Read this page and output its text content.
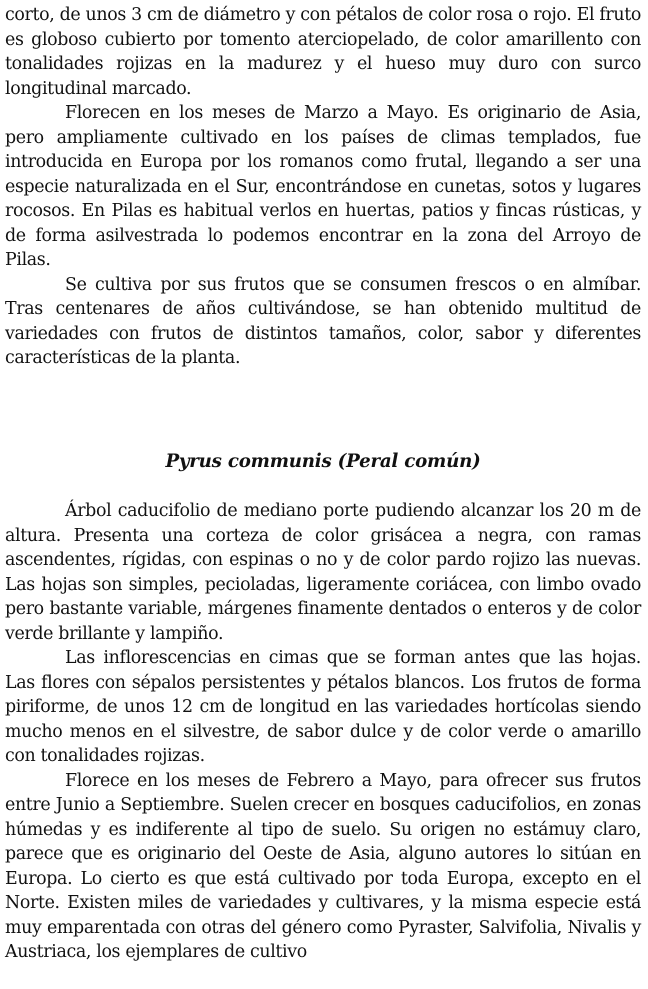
corto, de unos 3 cm de diámetro y con pétalos de color rosa o rojo. El fruto es globoso cubierto por tomento aterciopelado, de color amarillento con tonalidades rojizas en la madurez y el hueso muy duro con surco longitudinal marcado.

Florecen en los meses de Marzo a Mayo. Es originario de Asia, pero ampliamente cultivado en los países de climas templados, fue introducida en Europa por los romanos como frutal, llegando a ser una especie naturalizada en el Sur, encontrándose en cunetas, sotos y lugares rocosos. En Pilas es habitual verlos en huertas, patios y fincas rústicas, y de forma asilvestrada lo podemos encontrar en la zona del Arroyo de Pilas.

Se cultiva por sus frutos que se consumen frescos o en almíbar. Tras centenares de años cultivándose, se han obtenido multitud de variedades con frutos de distintos tamaños, color, sabor y diferentes características de la planta.

Pyrus communis (Peral común)

Árbol caducifolio de mediano porte pudiendo alcanzar los 20 m de altura. Presenta una corteza de color grisácea a negra, con ramas ascendentes, rígidas, con espinas o no y de color pardo rojizo las nuevas. Las hojas son simples, pecioladas, ligeramente coriácea, con limbo ovado pero bastante variable, márgenes finamente dentados o enteros y de color verde brillante y lampiño.

Las inflorescencias en cimas que se forman antes que las hojas. Las flores con sépalos persistentes y pétalos blancos. Los frutos de forma piriforme, de unos 12 cm de longitud en las variedades hortícolas siendo mucho menos en el silvestre, de sabor dulce y de color verde o amarillo con tonalidades rojizas.

Florece en los meses de Febrero a Mayo, para ofrecer sus frutos entre Junio a Septiembre. Suelen crecer en bosques caducifolios, en zonas húmedas y es indiferente al tipo de suelo. Su origen no estámuy claro, parece que es originario del Oeste de Asia, alguno autores lo sitúan en Europa. Lo cierto es que está cultivado por toda Europa, excepto en el Norte. Existen miles de variedades y cultivares, y la misma especie está muy emparentada con otras del género como Pyraster, Salvifolia, Nivalis y Austriaca, los ejemplares de cultivo
